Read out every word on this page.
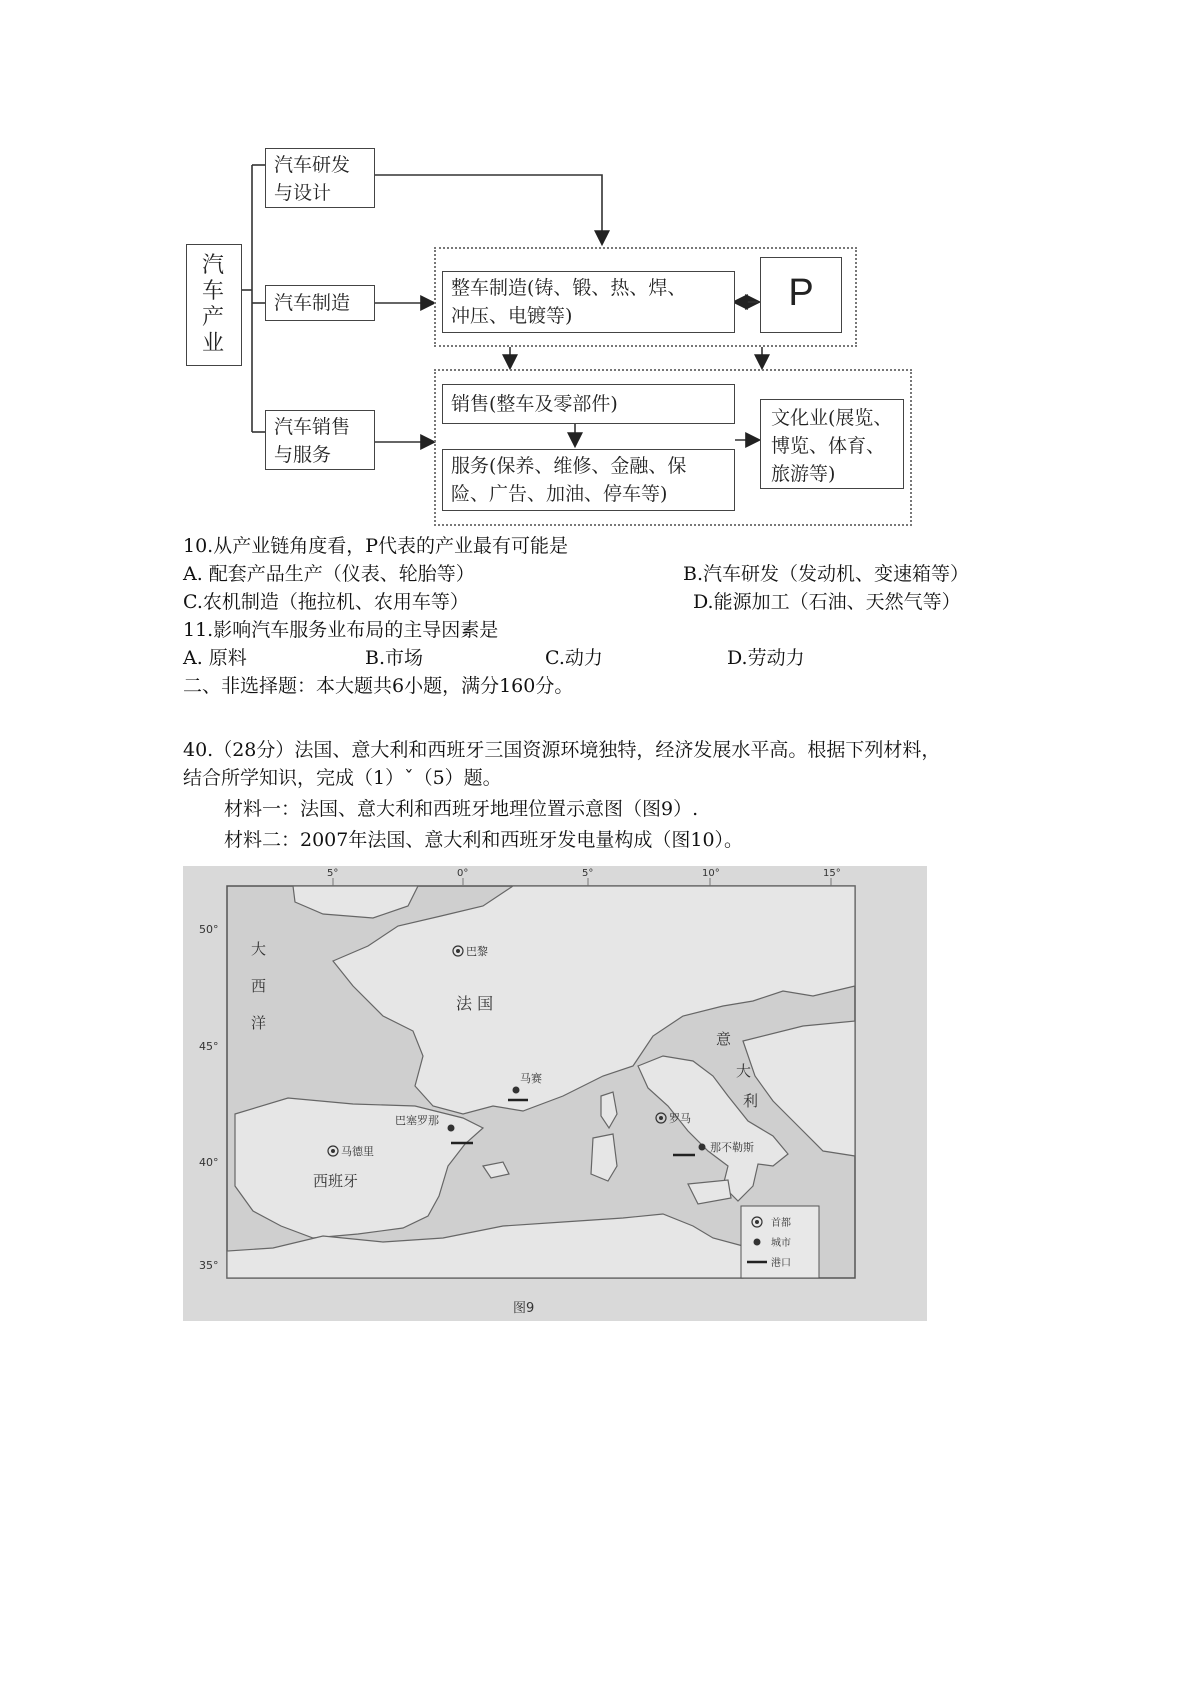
汽
车
产
业
汽车研发
与设计
汽车制造
汽车销售
与服务
整车制造(铸、锻、热、焊、
冲压、电镀等)
P
销售(整车及零部件)
服务(保养、维修、金融、保
险、广告、加油、停车等)
文化业(展览、
博览、体育、
旅游等)
10.从产业链角度看，P代表的产业最有可能是
A. 配套产品生产（仪表、轮胎等）	B.汽车研发（发动机、变速箱等）
C.农机制造（拖拉机、农用车等）	D.能源加工（石油、天然气等）
11.影响汽车服务业布局的主导因素是
A. 原料	B.市场	C.动力	D.劳动力
二、非选择题：本大题共6小题，满分160分。
40.（28分）法国、意大利和西班牙三国资源环境独特，经济发展水平高。根据下列材料，
结合所学知识，完成（1）ˇ（5）题。
材料一：法国、意大利和西班牙地理位置示意图（图9）.
材料二：2007年法国、意大利和西班牙发电量构成（图10）。
50°
45°
40°
35°
5°	0°	5°	10°	15°
大
西
洋
法 国
意
大
利
西班牙
巴黎
马德里
罗马
马赛
巴塞罗那
那不勒斯
首都
城市
港口
图9
